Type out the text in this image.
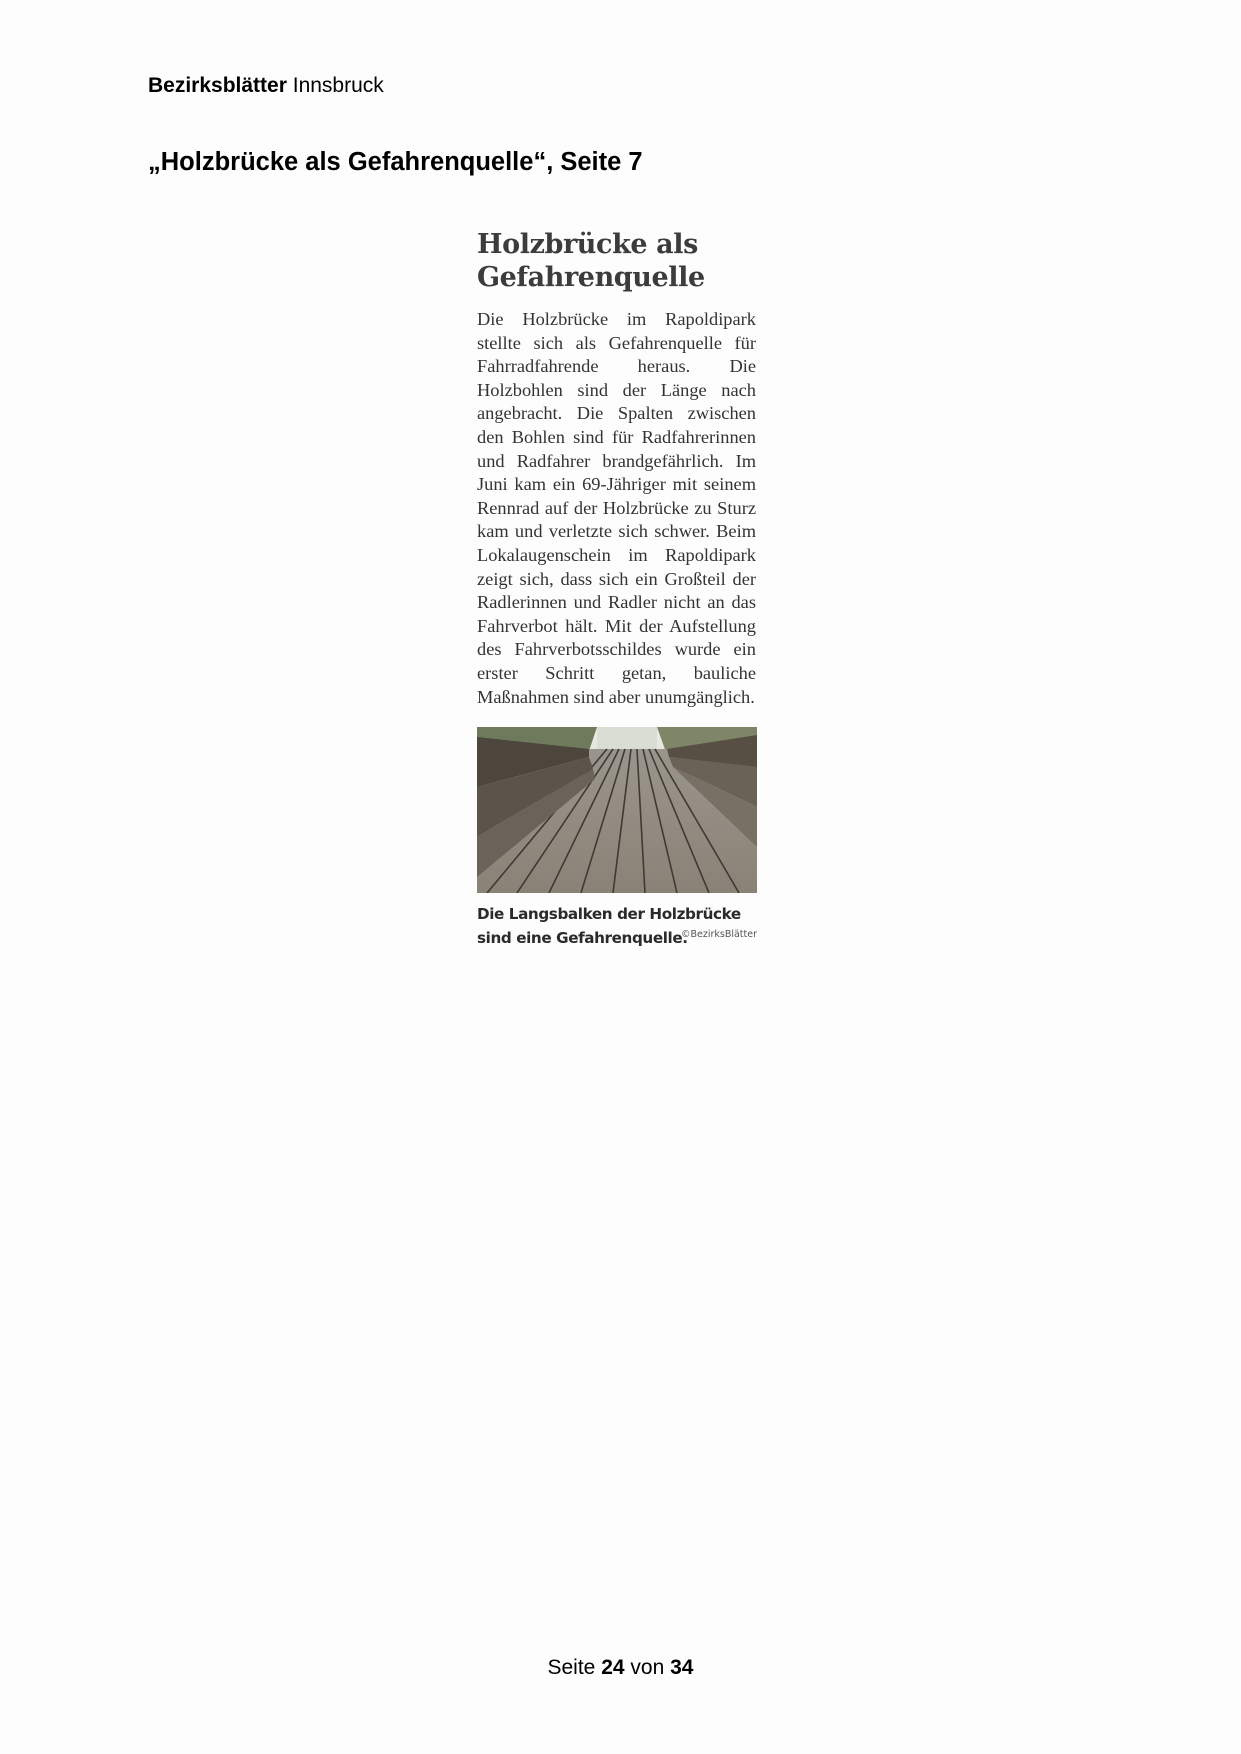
Bezirksblätter Innsbruck
„Holzbrücke als Gefahrenquelle“, Seite 7
Holzbrücke als
Gefahrenquelle

Die Holzbrücke im Rapoldipark stellte sich als Gefahrenquelle für Fahrradfahrende heraus. Die Holzbohlen sind der Länge nach angebracht. Die Spalten zwischen den Bohlen sind für Radfahrerinnen und Radfahrer brandgefährlich. Im Juni kam ein 69-Jähriger mit seinem Rennrad auf der Holzbrücke zu Sturz kam und verletzte sich schwer. Beim Lokalaugenschein im Rapoldipark zeigt sich, dass sich ein Großteil der Radlerinnen und Radler nicht an das Fahrverbot hält. Mit der Aufstellung des Fahrverbotsschildes wurde ein erster Schritt getan, bauliche Maßnahmen sind aber unumgänglich.

Die Langsbalken der Holzbrücke sind eine Gefahrenquelle.
©BezirksBlätter
Seite 24 von 34
